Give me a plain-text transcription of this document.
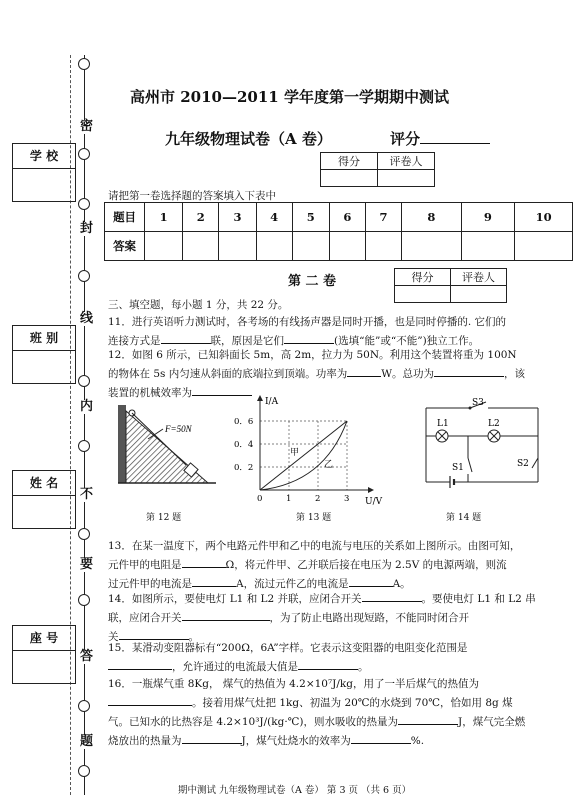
密
封
线
内
不
要
答
题
学 校
班 别
姓 名
座 号
高州市 2010—2011 学年度第一学期期中测试
九年级物理试卷（A 卷）	评分
得分	评卷人

请把第一卷选择题的答案填入下表中
题目	1	2	3	4	5	6	7	8	9	10
答案										
第 二 卷	得分	评卷人

三、填空题，每小题 1 分，共 22 分。
11．进行英语听力测试时，各考场的有线扬声器是同时开播，也是同时停播的. 它们的
连接方式是	联，原因是它们	(选填“能”或“不能”)独立工作。
12．如图 6 所示，已知斜面长 5m，高 2m，拉力为 50N。利用这个装置将重为 100N
的物体在 5s 内匀速从斜面的底端拉到顶端。功率为	W。总功为	，该
装置的机械效率为
F=50N
第 12 题
I/A
U/V
0．6
0．4
0．2
0	1	2	3
甲
乙
第 13 题
S3
L1	L2
S1	S2
第 14 题
13．在某一温度下，两个电路元件甲和乙中的电流与电压的关系如上图所示。由图可知，
元件甲的电阻是	Ω，将元件甲、乙并联后接在电压为 2.5V 的电源两端，则流
过元件甲的电流是	A，流过元件乙的电流是	A。
14．如图所示，要使电灯 L1 和 L2 并联，应闭合开关	。要使电灯 L1 和 L2 串
联，应闭合开关	，为了防止电路出现短路，不能同时闭合开
关	。
15．某滑动变阻器标有“200Ω，6A”字样。它表示这变阻器的电阻变化范围是
，允许通过的电流最大值是	。
16．一瓶煤气重 8Kg， 煤气的热值为 4.2×10⁷J/kg，用了一半后煤气的热值为
。接着用煤气灶把 1kg、初温为 20℃的水烧到 70℃，恰如用 8g 煤
气。已知水的比热容是 4.2×10³J/(kg·℃)，则水吸收的热量为	J，煤气完全燃
烧放出的热量为	J，煤气灶烧水的效率为	%.
期中测试 九年级物理试卷（A 卷） 第 3 页 （共 6 页）
